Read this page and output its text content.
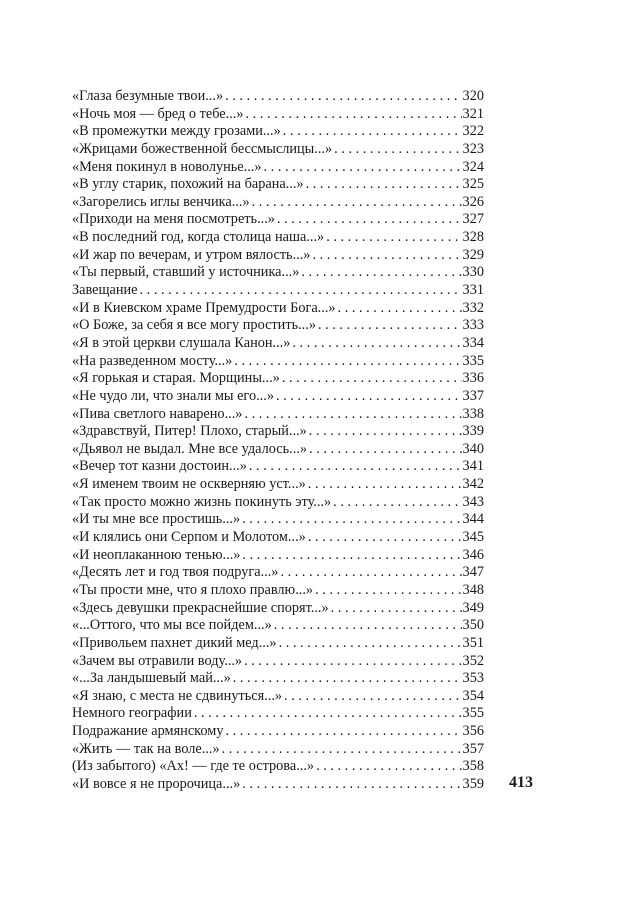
«Глаза безумные твои...» . . .	320
«Ночь моя — бред о тебе...» . . .	321
«В промежутки между грозами...» . . .	322
«Жрицами божественной бессмыслицы...» . . .	323
«Меня покинул в новолунье...» . . .	324
«В углу старик, похожий на барана...» . . .	325
«Загорелись иглы венчика...» . . .	326
«Приходи на меня посмотреть...» . . .	327
«В последний год, когда столица наша...» . . .	328
«И жар по вечерам, и утром вялость...» . . .	329
«Ты первый, ставший у источника...» . . .	330
Завещание . . .	331
«И в Киевском храме Премудрости Бога...» . . .	332
«О Боже, за себя я все могу простить...» . . .	333
«Я в этой церкви слушала Канон...» . . .	334
«На разведенном мосту...» . . .	335
«Я горькая и старая. Морщины...» . . .	336
«Не чудо ли, что знали мы его...» . . .	337
«Пива светлого наварено...» . . .	338
«Здравствуй, Питер! Плохо, старый...» . . .	339
«Дьявол не выдал. Мне все удалось...» . . .	340
«Вечер тот казни достоин...» . . .	341
«Я именем твоим не оскверняю уст...» . . .	342
«Так просто можно жизнь покинуть эту...» . . .	343
«И ты мне все простишь...» . . .	344
«И клялись они Серпом и Молотом...» . . .	345
«И неоплаканною тенью...» . . .	346
«Десять лет и год твоя подруга...» . . .	347
«Ты прости мне, что я плохо правлю...» . . .	348
«Здесь девушки прекраснейшие спорят...» . . .	349
«...Оттого, что мы все пойдем...» . . .	350
«Привольем пахнет дикий мед...» . . .	351
«Зачем вы отравили воду...» . . .	352
«...За ландышевый май...» . . .	353
«Я знаю, с места не сдвинуться...» . . .	354
Немного географии . . .	355
Подражание армянскому . . .	356
«Жить — так на воле...» . . .	357
(Из забытого) «Ах! — где те острова...» . . .	358
«И вовсе я не пророчица...» . . .	359 413
